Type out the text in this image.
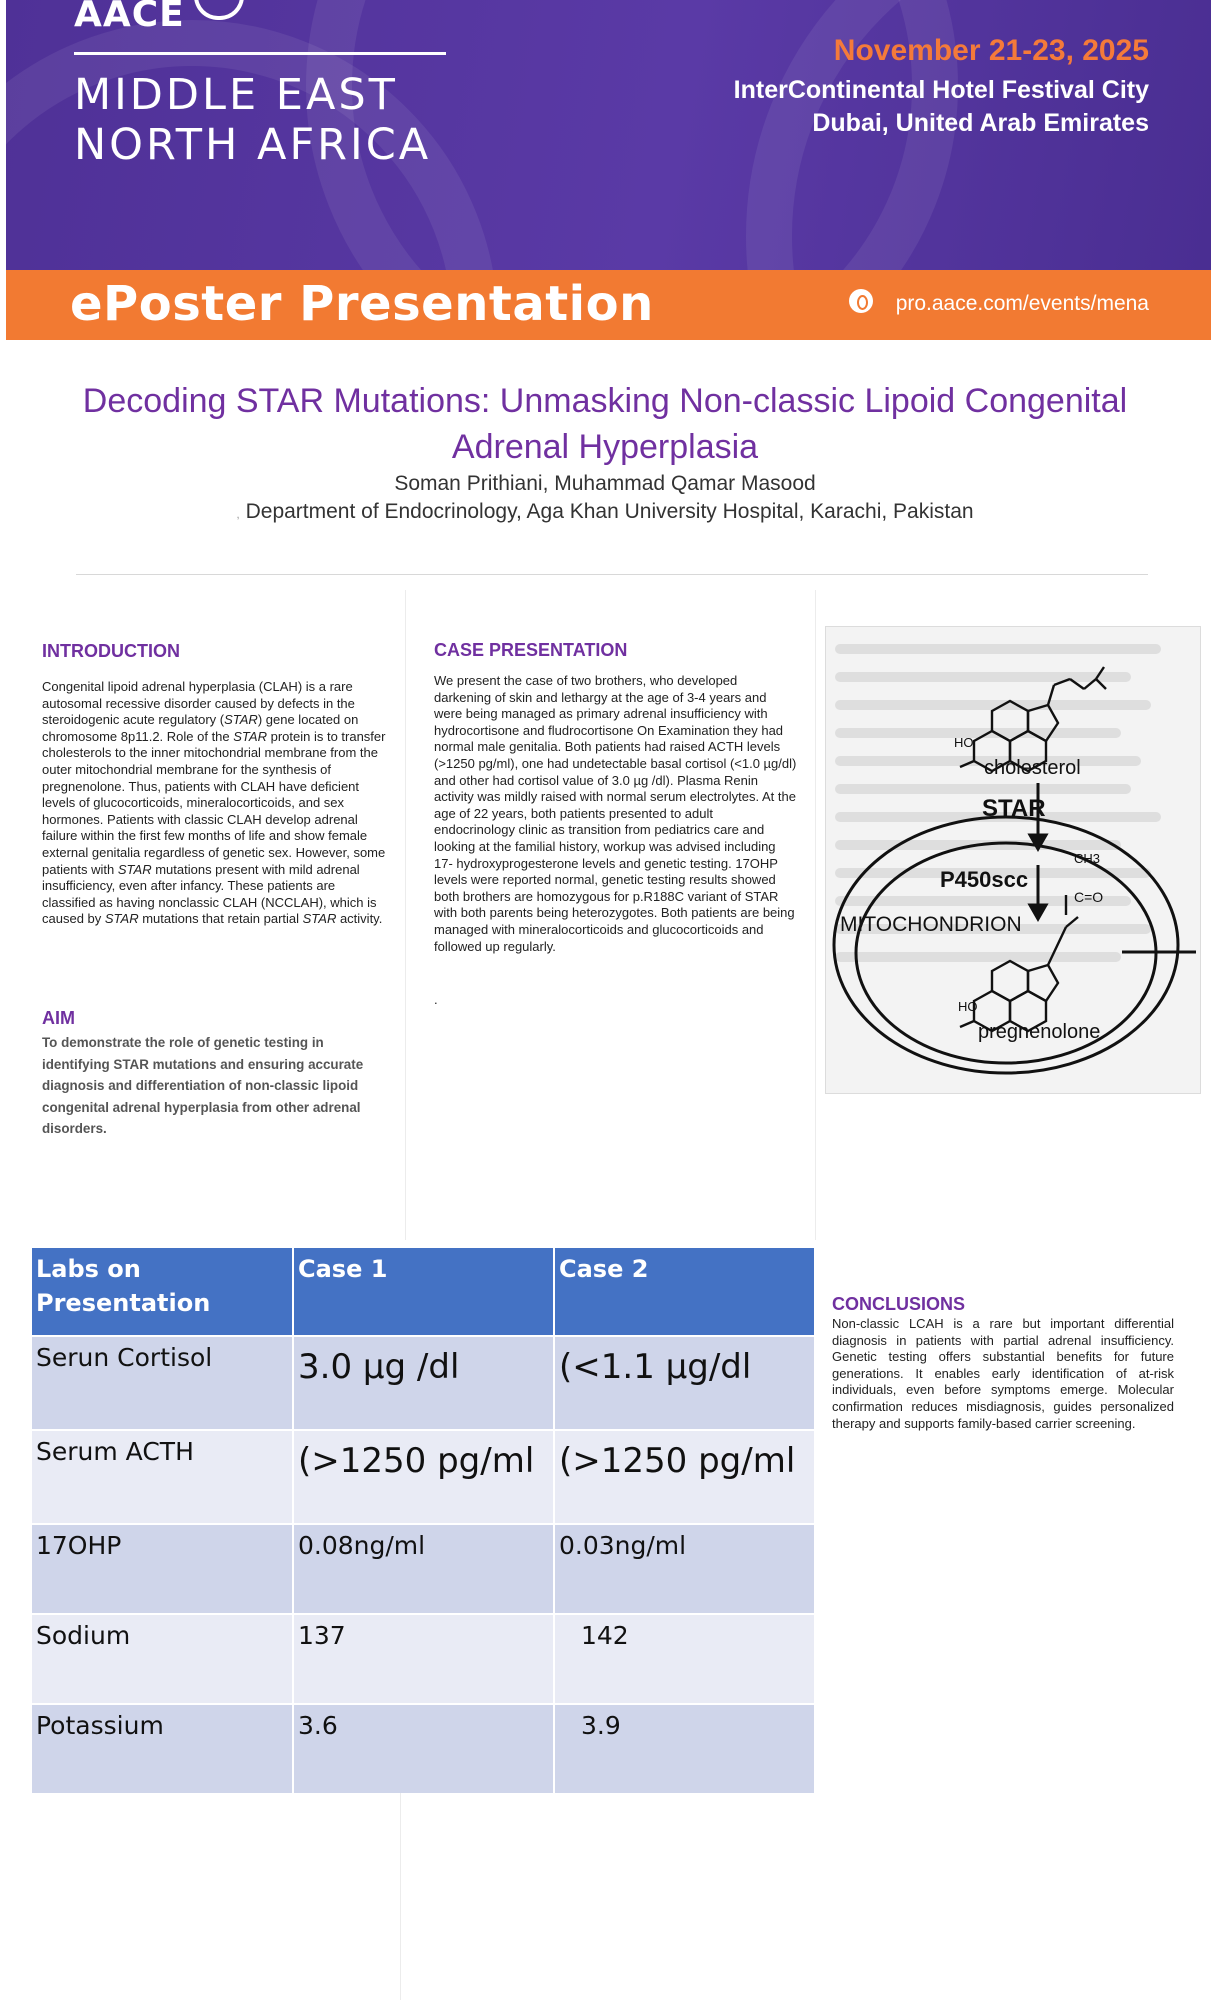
AACE
MIDDLE EAST
NORTH AFRICA
November 21-23, 2025
InterContinental Hotel Festival City
Dubai, United Arab Emirates
ePoster Presentation	pro.aace.com/events/mena
Decoding STAR Mutations: Unmasking Non-classic Lipoid Congenital
Adrenal Hyperplasia
Soman Prithiani, Muhammad Qamar Masood
, Department of Endocrinology, Aga Khan University Hospital, Karachi, Pakistan
INTRODUCTION
Congenital lipoid adrenal hyperplasia (CLAH) is a rare autosomal recessive disorder caused by defects in the steroidogenic acute regulatory (STAR) gene located on chromosome 8p11.2. Role of the STAR protein is to transfer cholesterols to the inner mitochondrial membrane from the outer mitochondrial membrane for the synthesis of pregnenolone. Thus, patients with CLAH have deficient levels of glucocorticoids, mineralocorticoids, and sex hormones. Patients with classic CLAH develop adrenal failure within the first few months of life and show female external genitalia regardless of genetic sex. However, some patients with STAR mutations present with mild adrenal insufficiency, even after infancy. These patients are classified as having nonclassic CLAH (NCCLAH), which is caused by STAR mutations that retain partial STAR activity.
AIM
To demonstrate the role of genetic testing in identifying STAR mutations and ensuring accurate diagnosis and differentiation of non-classic lipoid congenital adrenal hyperplasia from other adrenal disorders.
CASE PRESENTATION
We present the case of two brothers, who developed darkening of skin and lethargy at the age of 3-4 years and were being managed as primary adrenal insufficiency with hydrocortisone and fludrocortisone On Examination they had normal male genitalia. Both patients had raised ACTH levels (>1250 pg/ml), one had undetectable basal cortisol (<1.0 µg/dl) and other had cortisol value of 3.0 µg /dl). Plasma Renin activity was mildly raised with normal serum electrolytes. At the age of 22 years, both patients presented to adult endocrinology clinic as transition from pediatrics care and looking at the familial history, workup was advised including 17- hydroxyprogesterone levels and genetic testing. 17OHP levels were reported normal, genetic testing results showed both brothers are homozygous for p.R188C variant of STAR with both parents being heterozygotes. Both patients are being managed with mineralocorticoids and glucocorticoids and followed up regularly.
.
HO
cholesterol
STAR
P450scc
CH3
C=O
MITOCHONDRION
HO
pregnenolone
Labs on Presentation	Case 1	Case 2
Serun Cortisol	3.0 µg /dl	(<1.1 µg/dl
Serum ACTH	(>1250 pg/ml	(>1250 pg/ml
17OHP	0.08ng/ml	0.03ng/ml
Sodium	137	142
Potassium	3.6	3.9
CONCLUSIONS
Non-classic LCAH is a rare but important differential diagnosis in patients with partial adrenal insufficiency. Genetic testing offers substantial benefits for future generations. It enables early identification of at-risk individuals, even before symptoms emerge. Molecular confirmation reduces misdiagnosis, guides personalized therapy and supports family-based carrier screening.
